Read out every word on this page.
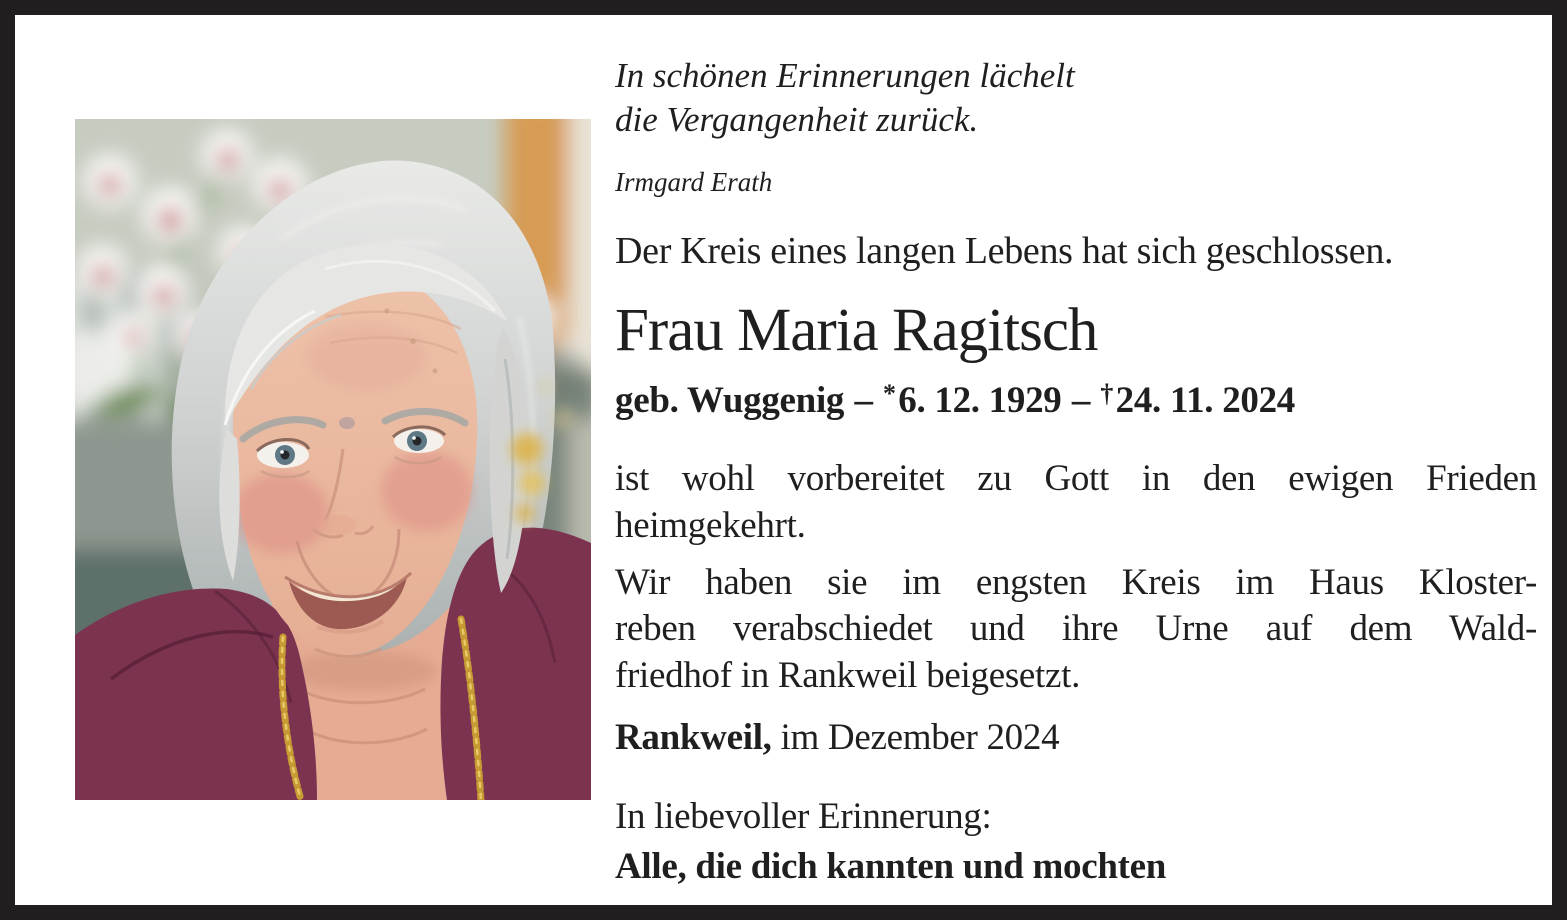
In schönen Erinnerungen lächelt
die Vergangenheit zurück.
Irmgard Erath
Der Kreis eines langen Lebens hat sich geschlossen.
Frau Maria Ragitsch
geb. Wuggenig – *6. 12. 1929 – †24. 11. 2024
ist wohl vorbereitet zu Gott in den ewigen Frieden
heimgekehrt.
Wir haben sie im engsten Kreis im Haus Kloster-
reben verabschiedet und ihre Urne auf dem Wald-
friedhof in Rankweil beigesetzt.
Rankweil, im Dezember 2024
In liebevoller Erinnerung:
Alle, die dich kannten und mochten
